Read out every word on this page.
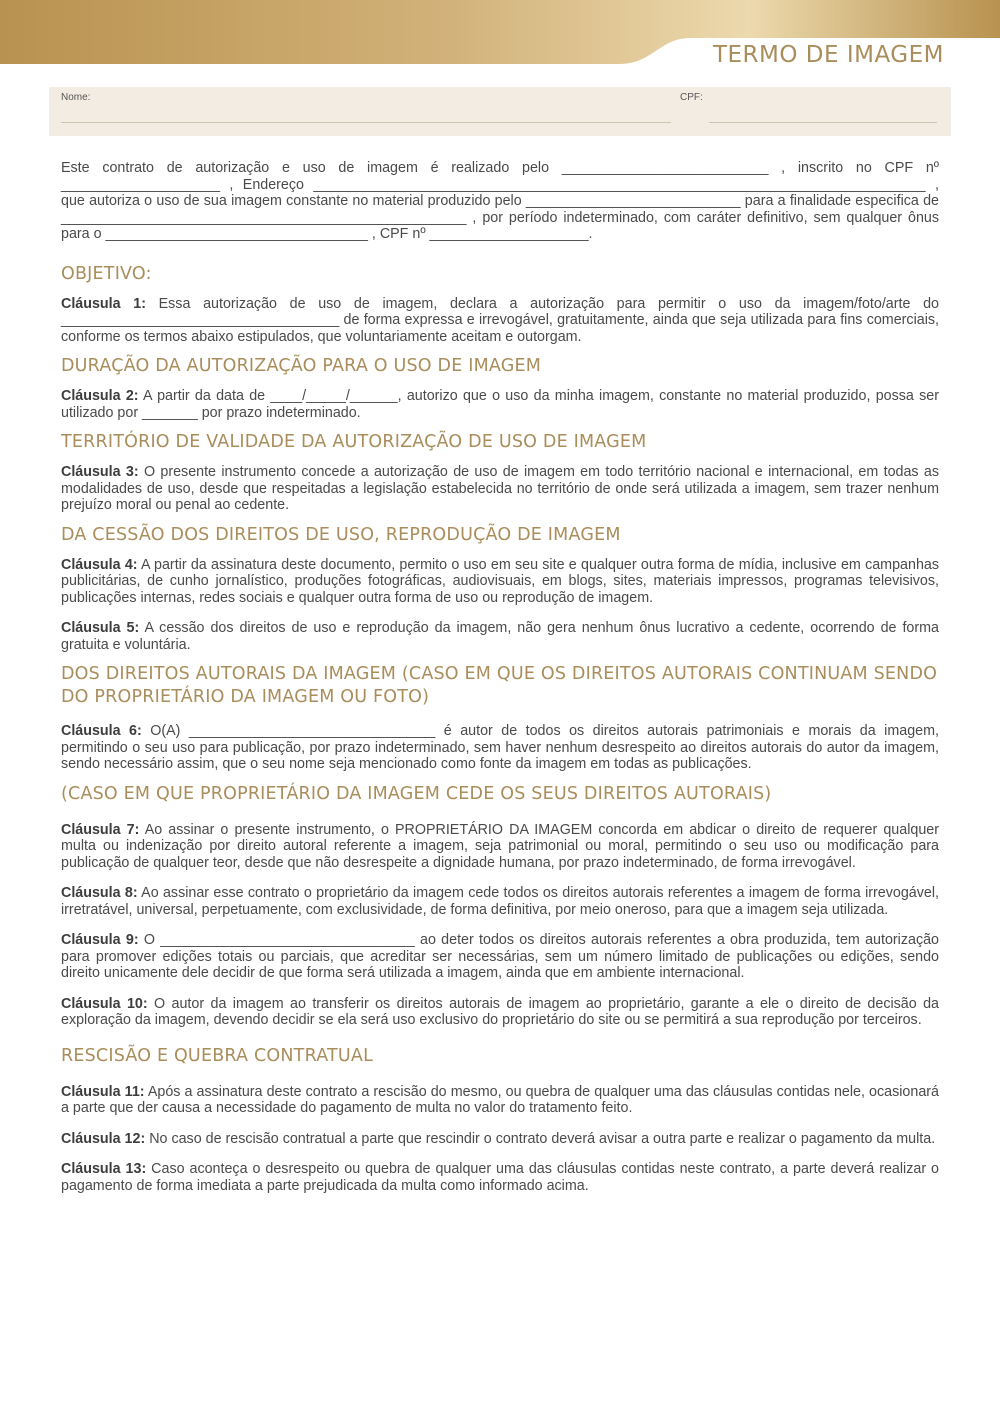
TERMO DE IMAGEM
Nome:	CPF:

Este contrato de autorização e uso de imagem é realizado pelo __________________________ , inscrito no CPF nº ____________________ , Endereço _____________________________________________________________________________ , que autoriza o uso de sua imagem constante no material produzido pelo ___________________________ para a finalidade especifica de ___________________________________________________ , por período indeterminado, com caráter definitivo, sem qualquer ônus para o _________________________________ , CPF nº ____________________.

OBJETIVO:

Cláusula 1: Essa autorização de uso de imagem, declara a autorização para permitir o uso da imagem/foto/arte do ___________________________________ de forma expressa e irrevogável, gratuitamente, ainda que seja utilizada para fins comerciais, conforme os termos abaixo estipulados, que voluntariamente aceitam e outorgam.

DURAÇÃO DA AUTORIZAÇÃO PARA O USO DE IMAGEM

Cláusula 2: A partir da data de ____/_____/______, autorizo que o uso da minha imagem, constante no material produzido, possa ser utilizado por _______ por prazo indeterminado.

TERRITÓRIO DE VALIDADE DA AUTORIZAÇÃO DE USO DE IMAGEM

Cláusula 3: O presente instrumento concede a autorização de uso de imagem em todo território nacional e internacional, em todas as modalidades de uso, desde que respeitadas a legislação estabelecida no território de onde será utilizada a imagem, sem trazer nenhum prejuízo moral ou penal ao cedente.

DA CESSÃO DOS DIREITOS DE USO, REPRODUÇÃO DE IMAGEM

Cláusula 4: A partir da assinatura deste documento, permito o uso em seu site e qualquer outra forma de mídia, inclusive em campanhas publicitárias, de cunho jornalístico, produções fotográficas, audiovisuais, em blogs, sites, materiais impressos, programas televisivos, publicações internas, redes sociais e qualquer outra forma de uso ou reprodução de imagem.

Cláusula 5: A cessão dos direitos de uso e reprodução da imagem, não gera nenhum ônus lucrativo a cedente, ocorrendo de forma gratuita e voluntária.

DOS DIREITOS AUTORAIS DA IMAGEM (CASO EM QUE OS DIREITOS AUTORAIS CONTINUAM SENDO DO PROPRIETÁRIO DA IMAGEM OU FOTO)

Cláusula 6: O(A) _______________________________ é autor de todos os direitos autorais patrimoniais e morais da imagem, permitindo o seu uso para publicação, por prazo indeterminado, sem haver nenhum desrespeito ao direitos autorais do autor da imagem, sendo necessário assim, que o seu nome seja mencionado como fonte da imagem em todas as publicações.

(CASO EM QUE PROPRIETÁRIO DA IMAGEM CEDE OS SEUS DIREITOS AUTORAIS)

Cláusula 7: Ao assinar o presente instrumento, o PROPRIETÁRIO DA IMAGEM concorda em abdicar o direito de requerer qualquer multa ou indenização por direito autoral referente a imagem, seja patrimonial ou moral, permitindo o seu uso ou modificação para publicação de qualquer teor, desde que não desrespeite a dignidade humana, por prazo indeterminado, de forma irrevogável.

Cláusula 8: Ao assinar esse contrato o proprietário da imagem cede todos os direitos autorais referentes a imagem de forma irrevogável, irretratável, universal, perpetuamente, com exclusividade, de forma definitiva, por meio oneroso, para que a imagem seja utilizada.

Cláusula 9: O ________________________________ ao deter todos os direitos autorais referentes a obra produzida, tem autorização para promover edições totais ou parciais, que acreditar ser necessárias, sem um número limitado de publicações ou edições, sendo direito unicamente dele decidir de que forma será utilizada a imagem, ainda que em ambiente internacional.

Cláusula 10: O autor da imagem ao transferir os direitos autorais de imagem ao proprietário, garante a ele o direito de decisão da exploração da imagem, devendo decidir se ela será uso exclusivo do proprietário do site ou se permitirá a sua reprodução por terceiros.

RESCISÃO E QUEBRA CONTRATUAL

Cláusula 11: Após a assinatura deste contrato a rescisão do mesmo, ou quebra de qualquer uma das cláusulas contidas nele, ocasionará a parte que der causa a necessidade do pagamento de multa no valor do tratamento feito.

Cláusula 12: No caso de rescisão contratual a parte que rescindir o contrato deverá avisar a outra parte e realizar o pagamento da multa.

Cláusula 13: Caso aconteça o desrespeito ou quebra de qualquer uma das cláusulas contidas neste contrato, a parte deverá realizar o pagamento de forma imediata a parte prejudicada da multa como informado acima.
